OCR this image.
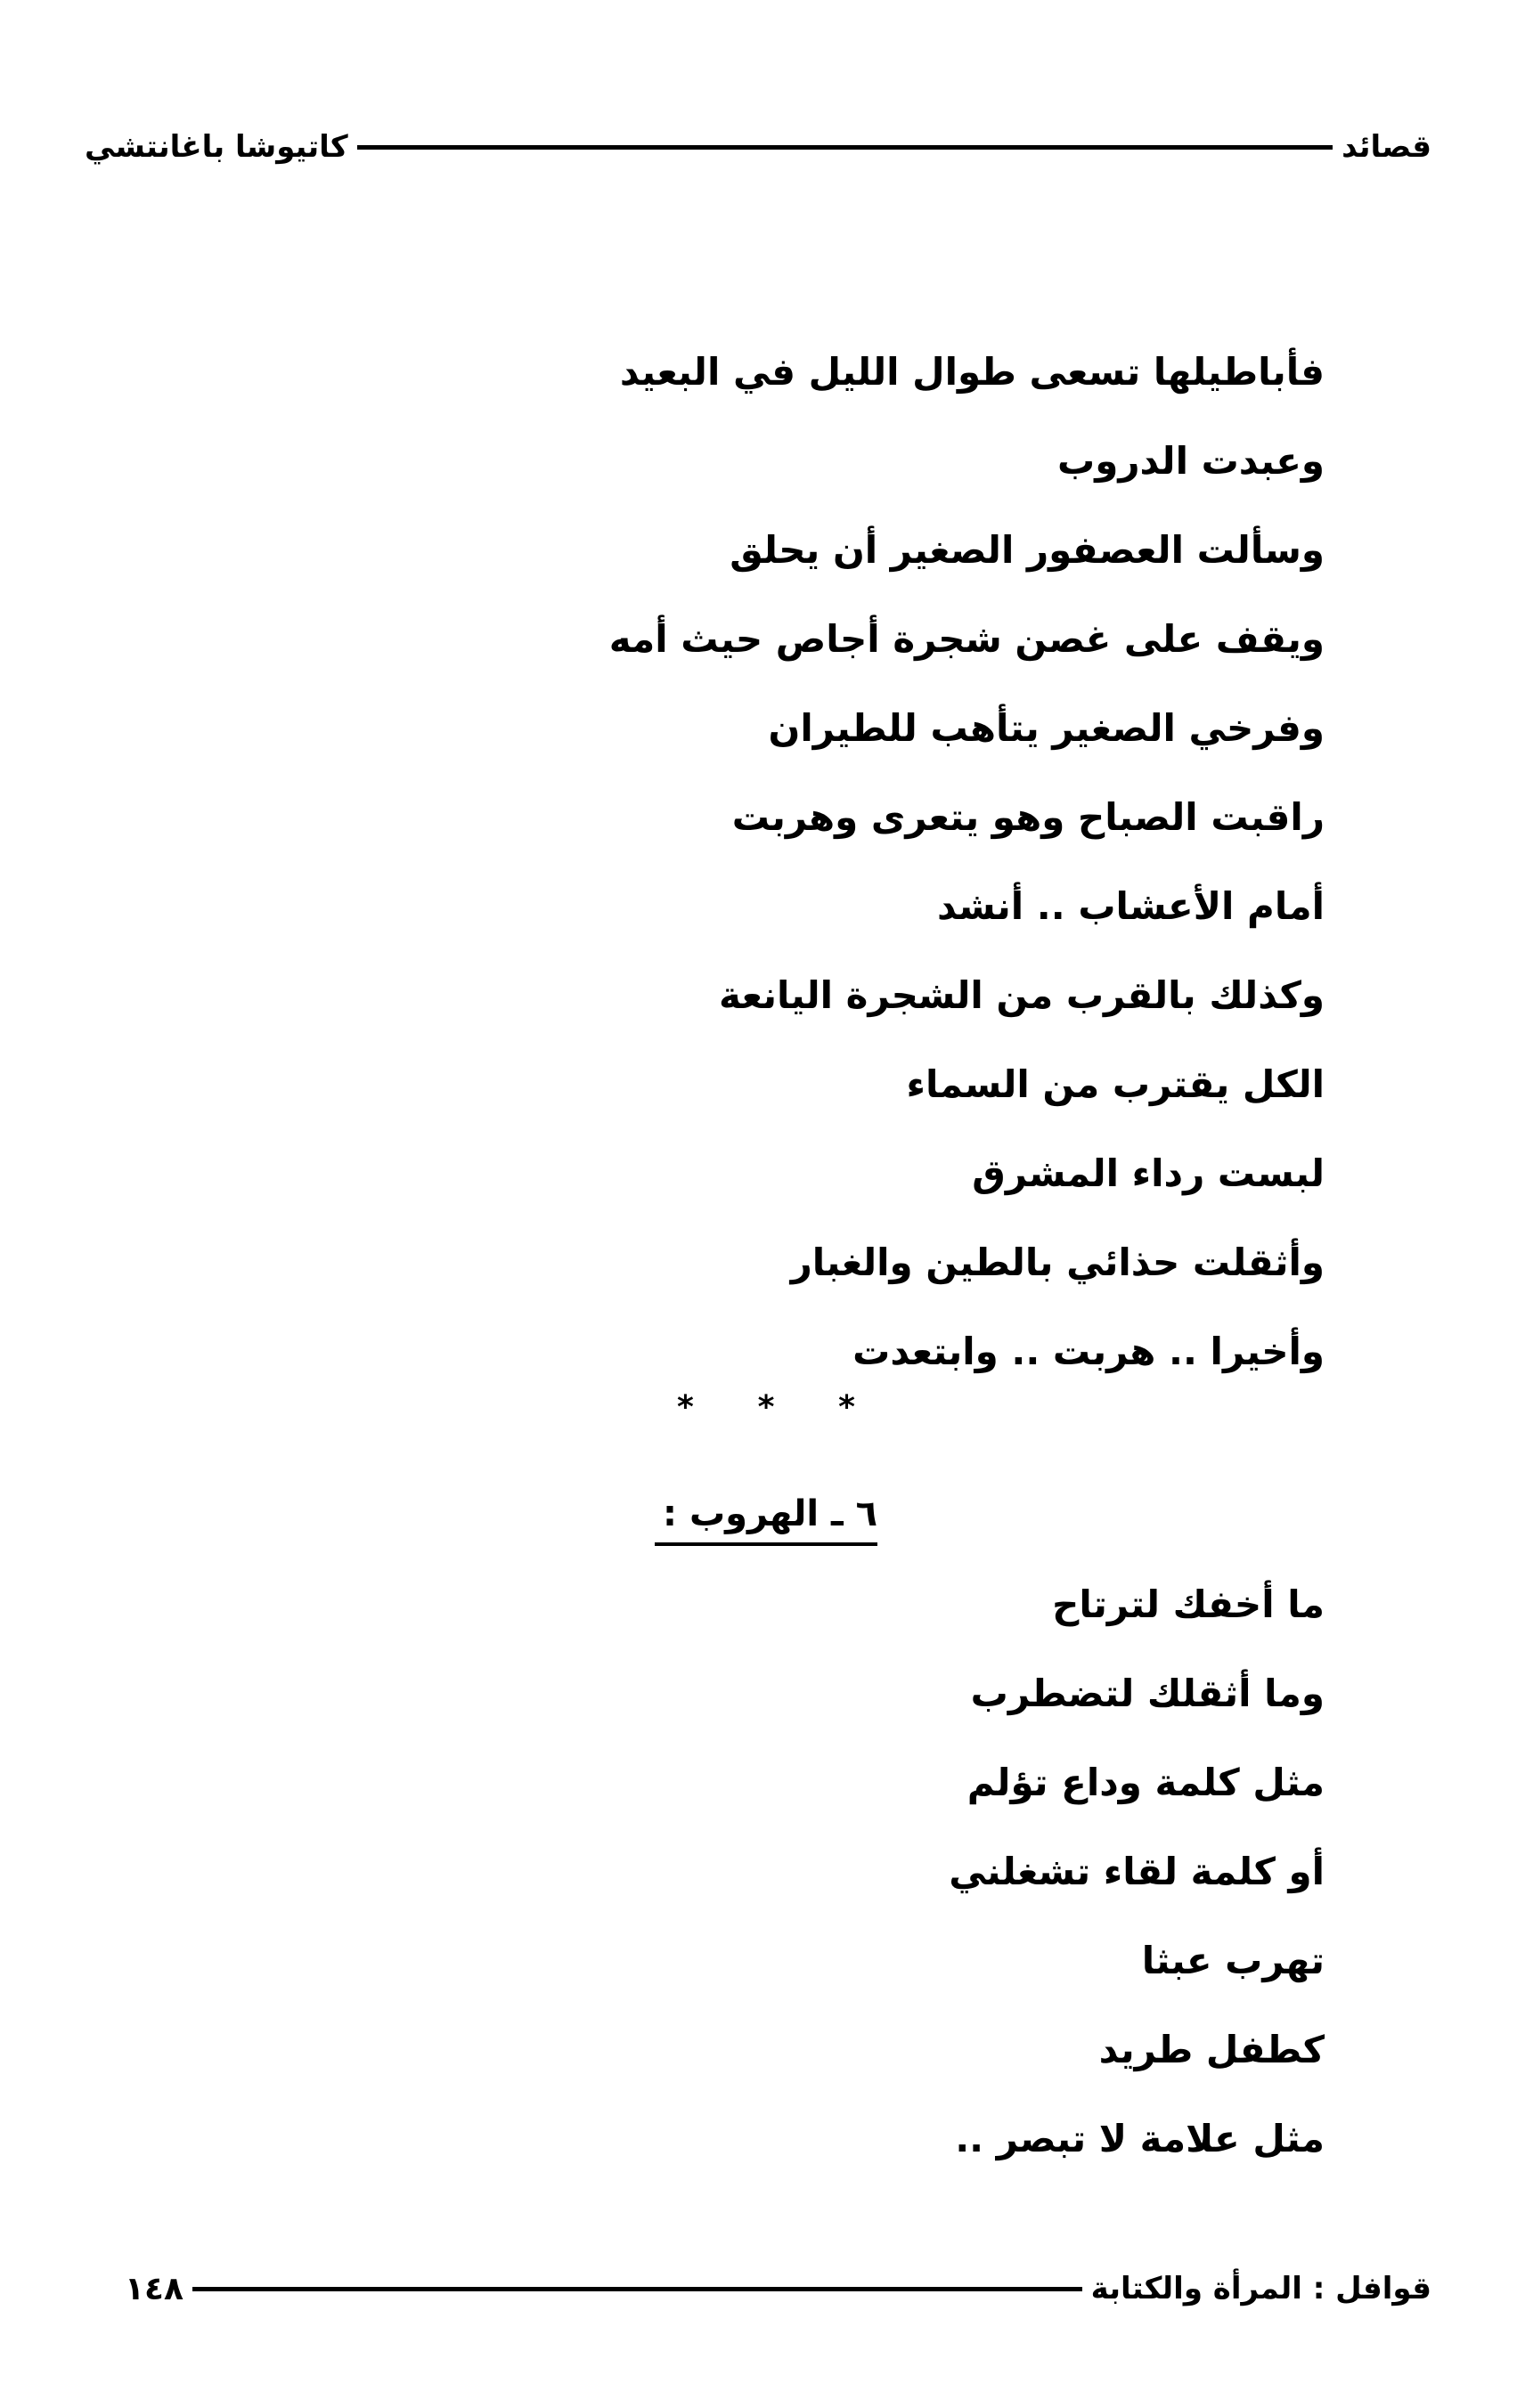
قصائد
كاتيوشا باغانتشي
فأباطيلها تسعى طوال الليل في البعيد
وعبدت الدروب
وسألت العصفور الصغير أن يحلق
ويقف على غصن شجرة أجاص حيث أمه
وفرخي الصغير يتأهب للطيران
راقبت الصباح وهو يتعرى وهربت
أمام الأعشاب .. أنشد
وكذلك بالقرب من الشجرة اليانعة
الكل يقترب من السماء
لبست رداء المشرق
وأثقلت حذائي بالطين والغبار
وأخيرا .. هربت .. وابتعدت
* * *
٦ ـ الهروب :
ما أخفك لترتاح
وما أثقلك لتضطرب
مثل كلمة وداع تؤلم
أو كلمة لقاء تشغلني
تهرب عبثا
كطفل طريد
مثل علامة لا تبصر ..
قوافل : المرأة والكتابة
١٤٨
